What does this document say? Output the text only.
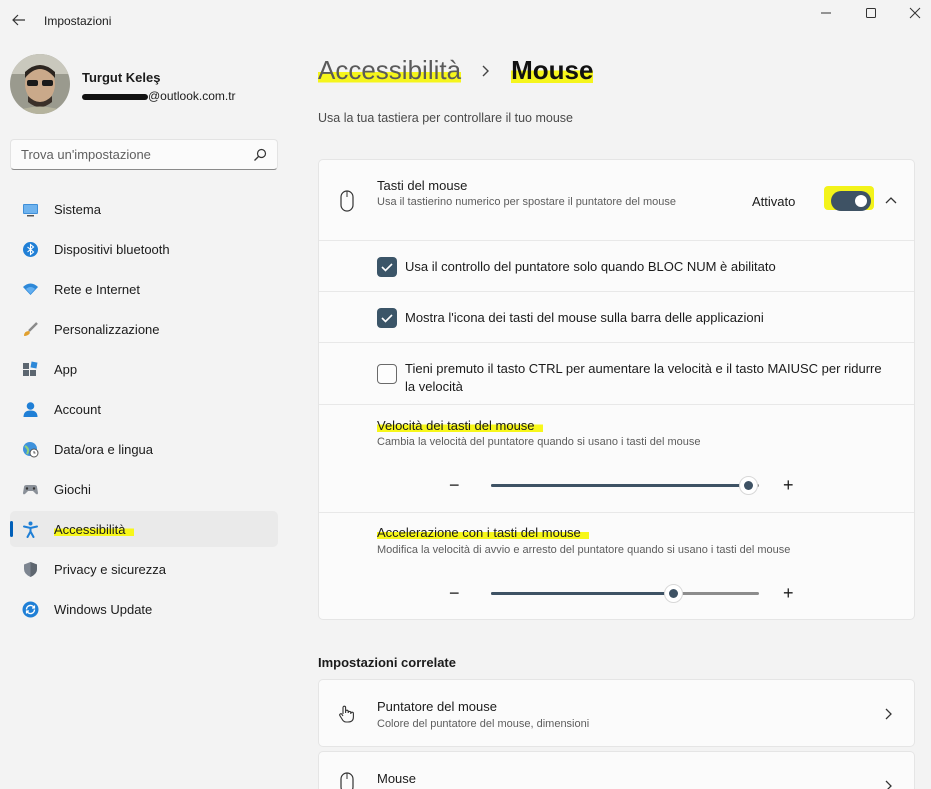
Impostazioni
Turgut Keleş
@outlook.com.tr
Trova un'impostazione
Sistema
Dispositivi bluetooth
Rete e Internet
Personalizzazione
App
Account
Data/ora e lingua
Giochi
Accessibilità
Privacy e sicurezza
Windows Update
Accessibilità Mouse
Usa la tua tastiera per controllare il tuo mouse
Tasti del mouse
Usa il tastierino numerico per spostare il puntatore del mouse	Attivato
Usa il controllo del puntatore solo quando BLOC NUM è abilitato
Mostra l'icona dei tasti del mouse sulla barra delle applicazioni
Tieni premuto il tasto CTRL per aumentare la velocità e il tasto MAIUSC per ridurre la velocità
Velocità dei tasti del mouse
Cambia la velocità del puntatore quando si usano i tasti del mouse
−	+
Accelerazione con i tasti del mouse
Modifica la velocità di avvio e arresto del puntatore quando si usano i tasti del mouse
−	+
Impostazioni correlate
Puntatore del mouse
Colore del puntatore del mouse, dimensioni
Mouse
